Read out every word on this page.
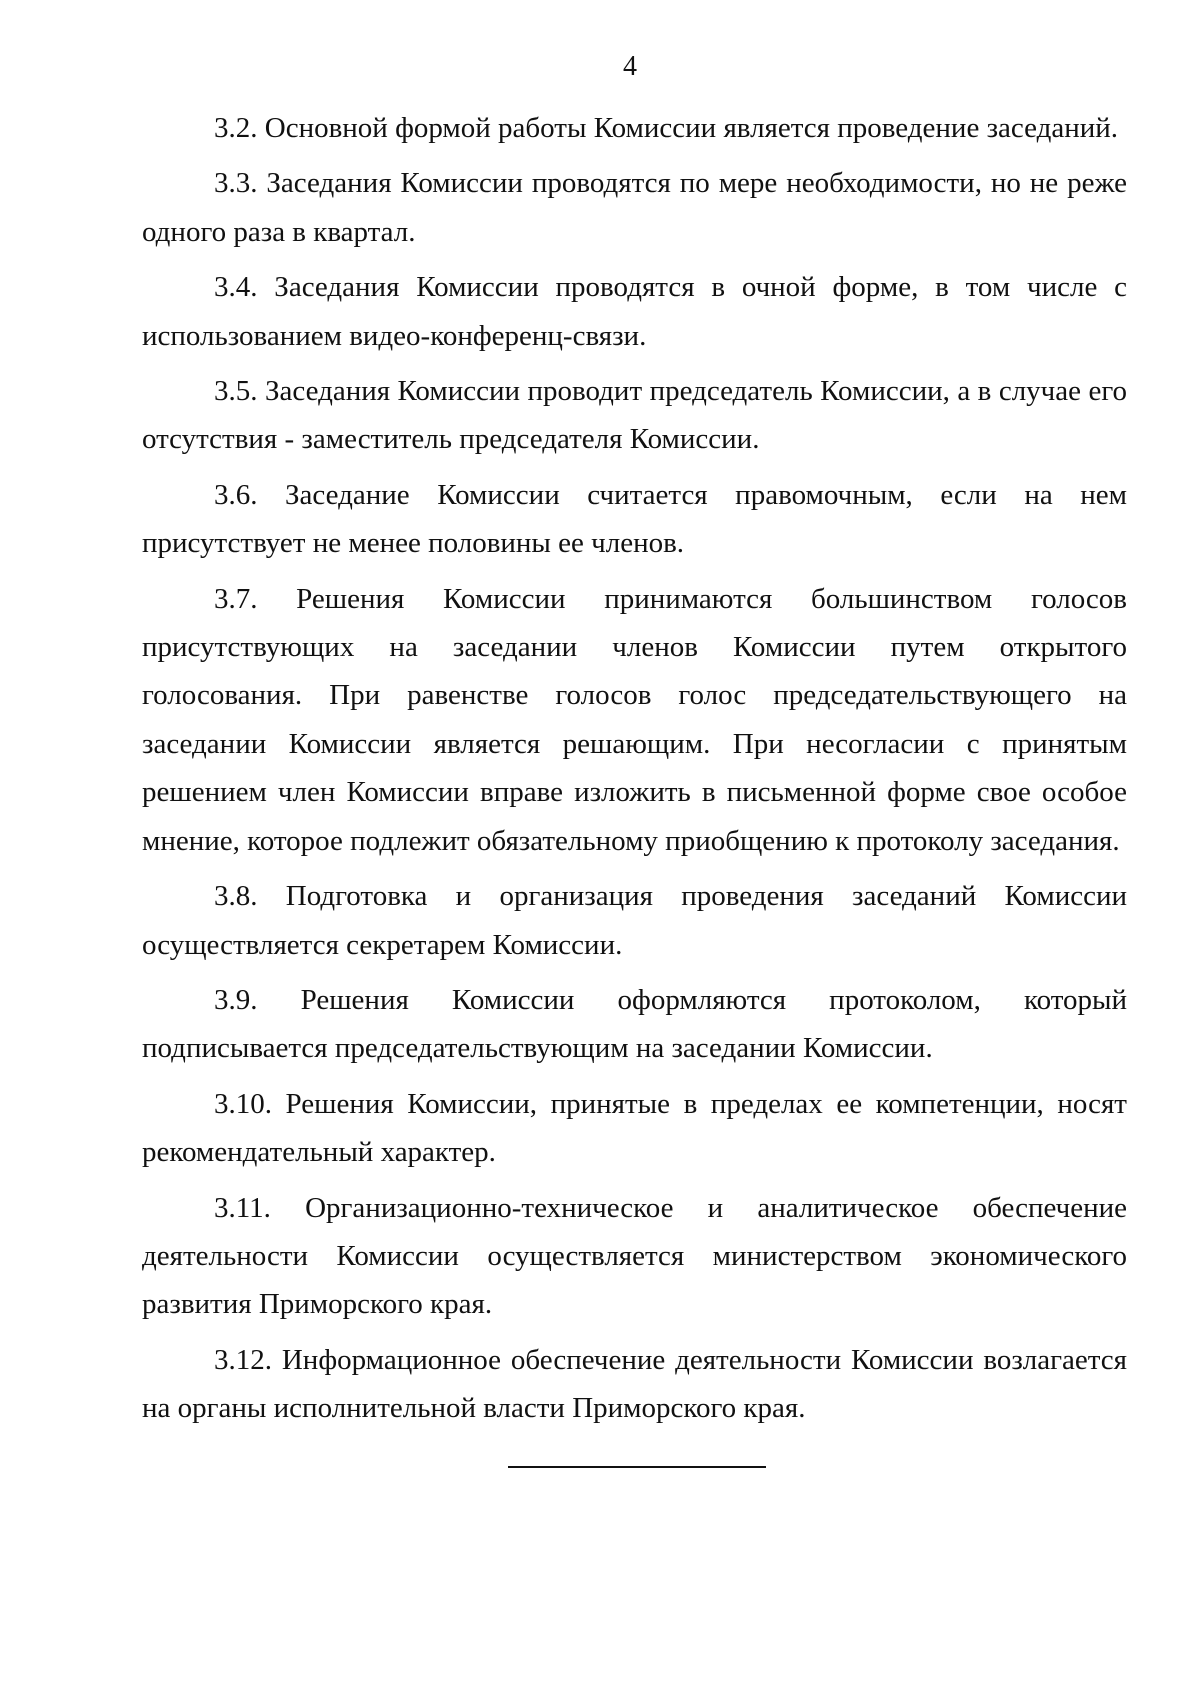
4

3.2. Основной формой работы Комиссии является проведение заседаний.

3.3. Заседания Комиссии проводятся по мере необходимости, но не реже одного раза в квартал.

3.4. Заседания Комиссии проводятся в очной форме, в том числе с использованием видео-конференц-связи.

3.5. Заседания Комиссии проводит председатель Комиссии, а в случае его отсутствия - заместитель председателя Комиссии.

3.6. Заседание Комиссии считается правомочным, если на нем присутствует не менее половины ее членов.

3.7. Решения Комиссии принимаются большинством голосов присутствующих на заседании членов Комиссии путем открытого голосования. При равенстве голосов голос председательствующего на заседании Комиссии является решающим. При несогласии с принятым решением член Комиссии вправе изложить в письменной форме свое особое мнение, которое подлежит обязательному приобщению к протоколу заседания.

3.8. Подготовка и организация проведения заседаний Комиссии осуществляется секретарем Комиссии.

3.9. Решения Комиссии оформляются протоколом, который подписывается председательствующим на заседании Комиссии.

3.10. Решения Комиссии, принятые в пределах ее компетенции, носят рекомендательный характер.

3.11. Организационно-техническое и аналитическое обеспечение деятельности Комиссии осуществляется министерством экономического развития Приморского края.

3.12. Информационное обеспечение деятельности Комиссии возлагается на органы исполнительной власти Приморского края.
